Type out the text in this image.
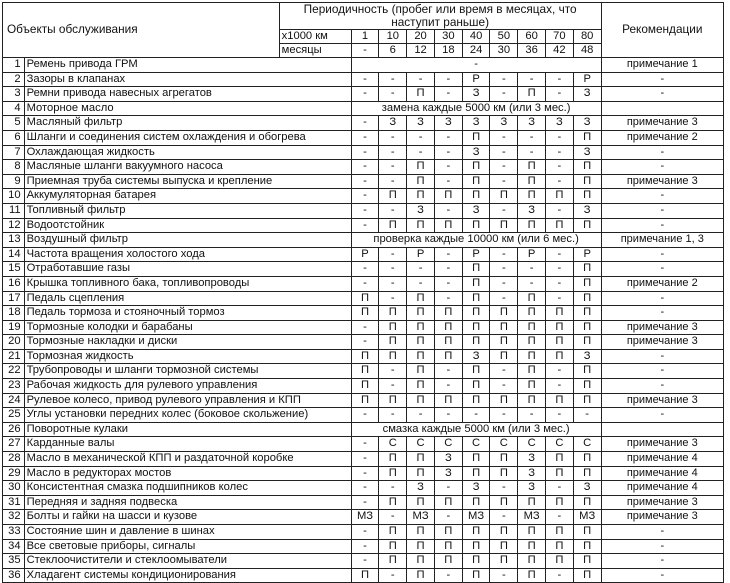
Объекты обслуживания		Периодичность (пробег или время в месяцах, что наступит раньше)										Рекомендации
		x1000 км	1	10	20	30	40	50	60	70	80	
		месяцы	-	6	12	18	24	30	36	42	48	
1	Ремень привода ГРМ		-									примечание 1
2	Зазоры в клапанах		-	-	-	-	Р	-	-	-	Р	-
3	Ремни привода навесных агрегатов		-	-	П	-	З	-	П	-	З	-
4	Моторное масло		замена каждые 5000 км (или 3 мес.)									
5	Масляный фильтр		-	З	З	З	З	З	З	З	З	примечание 3
6	Шланги и соединения систем охлаждения и обогрева		-	-	-	-	П	-	-	-	П	примечание 2
7	Охлаждающая жидкость		-	-	-	-	З	-	-	-	З	-
8	Масляные шланги вакуумного насоса		-	-	П	-	П	-	П	-	П	-
9	Приемная труба системы выпуска и крепление		-	-	П	-	П	-	П	-	П	примечание 3
10	Аккумуляторная батарея		-	П	П	П	П	П	П	П	П	-
11	Топливный фильтр		-	-	З	-	З	-	З	-	З	-
12	Водоотстойник		-	П	П	П	П	П	П	П	П	-
13	Воздушный фильтр		проверка каждые 10000 км (или 6 мес.)									примечание 1, 3
14	Частота вращения холостого хода		Р	-	Р	-	Р	-	Р	-	Р	-
15	Отработавшие газы		-	-	-	-	П	-	-	-	П	-
16	Крышка топливного бака, топливопроводы		-	-	-	-	П	-	-	-	П	примечание 2
17	Педаль сцепления		П	-	П	-	П	-	П	-	П	-
18	Педаль тормоза и стояночный тормоз		П	П	П	П	П	П	П	П	П	-
19	Тормозные колодки и барабаны		-	П	П	П	П	П	П	П	П	примечание 3
20	Тормозные накладки и диски		-	П	П	П	П	П	П	П	П	примечание 3
21	Тормозная жидкость		П	П	П	П	З	П	П	П	З	-
22	Трубопроводы и шланги тормозной системы		П	-	П	-	П	-	П	-	П	-
23	Рабочая жидкость для рулевого управления		П	-	П	-	П	-	П	-	П	-
24	Рулевое колесо, привод рулевого управления и КПП		П	П	П	П	П	П	П	П	П	примечание 3
25	Углы установки передних колес (боковое скольжение)		-	-	-	-	-	-	-	-	-	-
26	Поворотные кулаки		смазка каждые 5000 км (или 3 мес.)									
27	Карданные валы		-	С	С	С	С	С	С	С	С	примечание 3
28	Масло в механической КПП и раздаточной коробке		-	П	П	З	П	П	З	П	П	примечание 4
29	Масло в редукторах мостов		-	П	П	З	П	П	З	П	П	примечание 4
30	Консистентная смазка подшипников колес		-	-	З	-	З	-	З	-	З	примечание 4
31	Передняя и задняя подвеска		-	П	П	П	П	П	П	П	П	примечание 3
32	Болты и гайки на шасси и кузове		МЗ	-	МЗ	-	МЗ	-	МЗ	-	МЗ	примечание 3
33	Состояние шин и давление в шинах		-	П	П	П	П	П	П	П	П	-
34	Все световые приборы, сигналы		-	П	П	П	П	П	П	П	П	-
35	Стеклоочистители и стеклоомыватели		-	П	П	П	П	П	П	П	П	-
36	Хладагент системы кондиционирования		П	-	П	-	П	-	П	-	П	-
